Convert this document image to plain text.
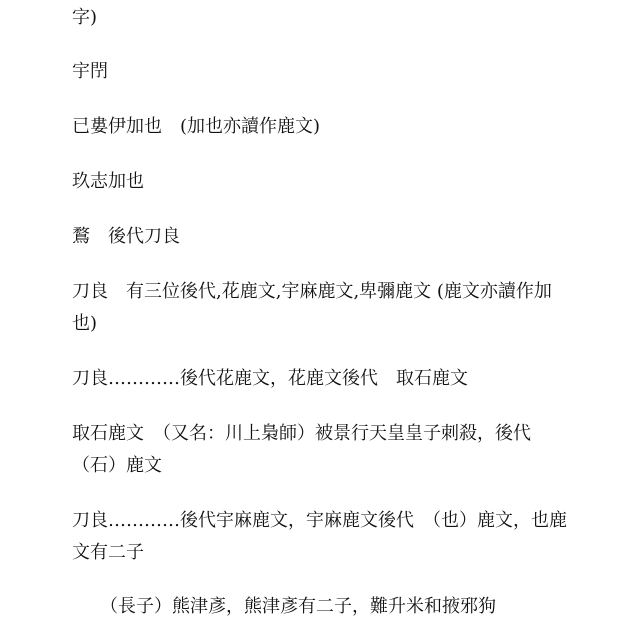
字)

宇閅

已婁伊加也　(加也亦讀作鹿文)

玖志加也

鶩　後代刀良

刀良　有三位後代,花鹿文,宇麻鹿文,卑彌鹿文 (鹿文亦讀作加也)

刀良…………後代花鹿文，花鹿文後代　取石鹿文

取石鹿文　（又名：川上梟師）被景行天皇皇子刺殺，後代（石）鹿文

刀良…………後代宇麻鹿文，宇麻鹿文後代　（也）鹿文，也鹿文有二子

（長子）熊津彥，熊津彥有二子，難升米和掖邪狗
